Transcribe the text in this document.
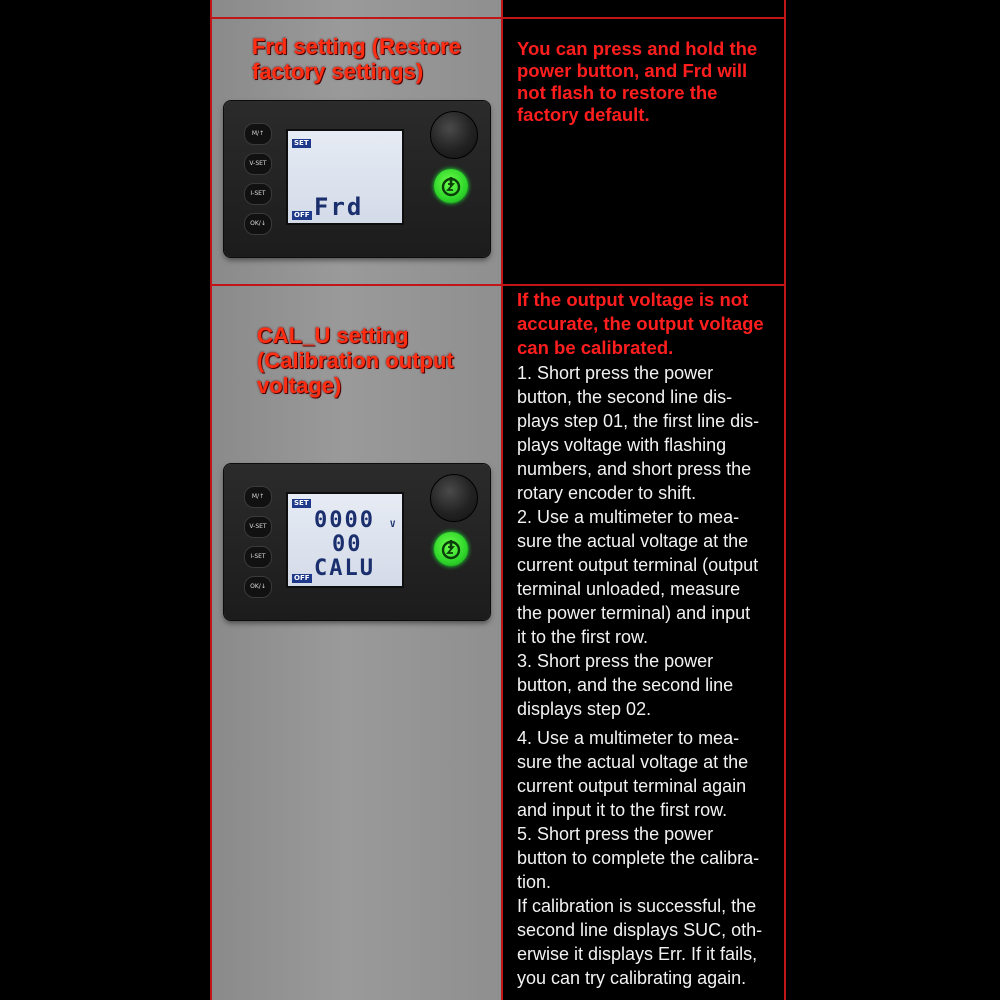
Frd setting (Restore
factory settings)
You can press and hold the
power button, and Frd will
not flash to restore the
factory default.
M/↑
V-SET
I-SET
OK/↓
SET
OFF Frd
CAL_U setting
(Calibration output
voltage)
If the output voltage is not
accurate, the output voltage
can be calibrated.

1. Short press the power

button, the second line dis-

plays step 01, the first line dis-

plays voltage with flashing

numbers, and short press the

rotary encoder to shift.

2. Use a multimeter to mea-

sure the actual voltage at the

current output terminal (output

terminal unloaded, measure

the power terminal) and input

it to the first row.

3. Short press the power

button, and the second line

displays step 02.

4. Use a multimeter to mea-

sure the actual voltage at the

current output terminal again

and input it to the first row.

5. Short press the power

button to complete the calibra-

tion.

If calibration is successful, the

second line displays SUC, oth-

erwise it displays Err. If it fails,

you can try calibrating again.

M/↑
V-SET
I-SET
OK/↓
SET
0000 V
00
OFF CALU
